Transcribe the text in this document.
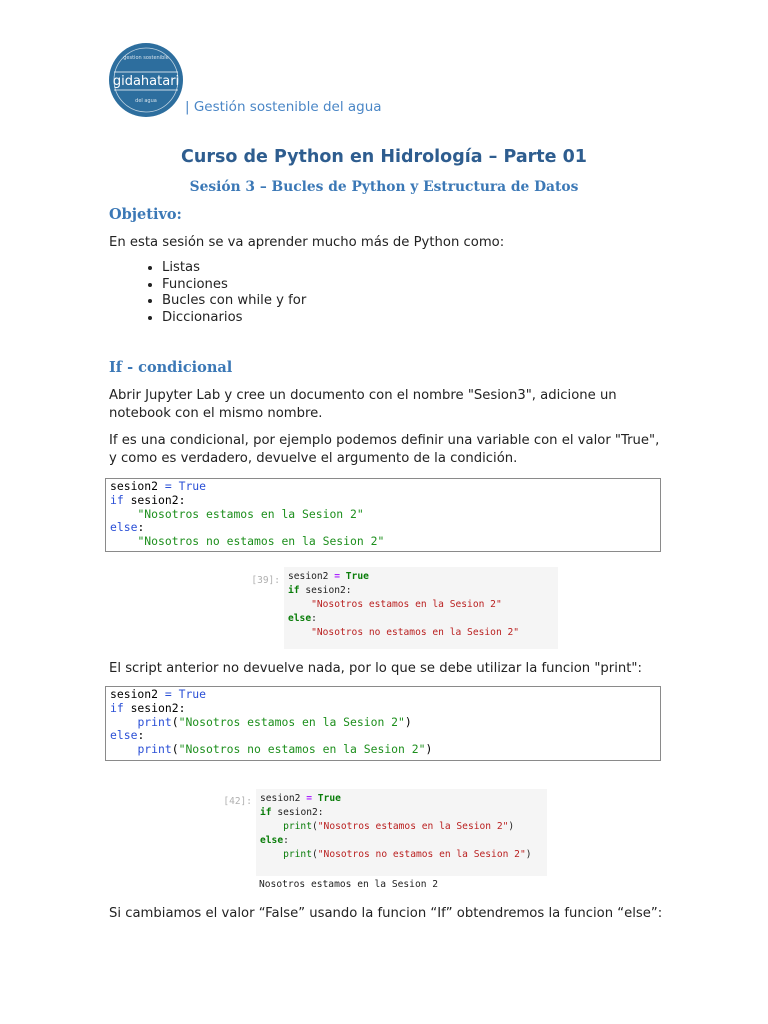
gestion sostenible
gidahatari
del agua | Gestión sostenible del agua
Curso de Python en Hidrología – Parte 01
Sesión 3 – Bucles de Python y Estructura de Datos
Objetivo:
En esta sesión se va aprender mucho más de Python como:
• Listas
• Funciones
• Bucles con while y for
• Diccionarios
If - condicional
Abrir Jupyter Lab y cree un documento con el nombre "Sesion3", adicione un notebook con el mismo nombre.
If es una condicional, por ejemplo podemos definir una variable con el valor "True", y como es verdadero, devuelve el argumento de la condición.
sesion2 = True
if sesion2:
"Nosotros estamos en la Sesion 2"
else:
"Nosotros no estamos en la Sesion 2"
[39]: sesion2 = True
if sesion2:
"Nosotros estamos en la Sesion 2"
else:
"Nosotros no estamos en la Sesion 2"
El script anterior no devuelve nada, por lo que se debe utilizar la funcion "print":
sesion2 = True
if sesion2:
print("Nosotros estamos en la Sesion 2")
else:
print("Nosotros no estamos en la Sesion 2")
[42]: sesion2 = True
if sesion2:
print("Nosotros estamos en la Sesion 2")
else:
print("Nosotros no estamos en la Sesion 2")
Nosotros estamos en la Sesion 2
Si cambiamos el valor “False” usando la funcion “If” obtendremos la funcion “else”:
